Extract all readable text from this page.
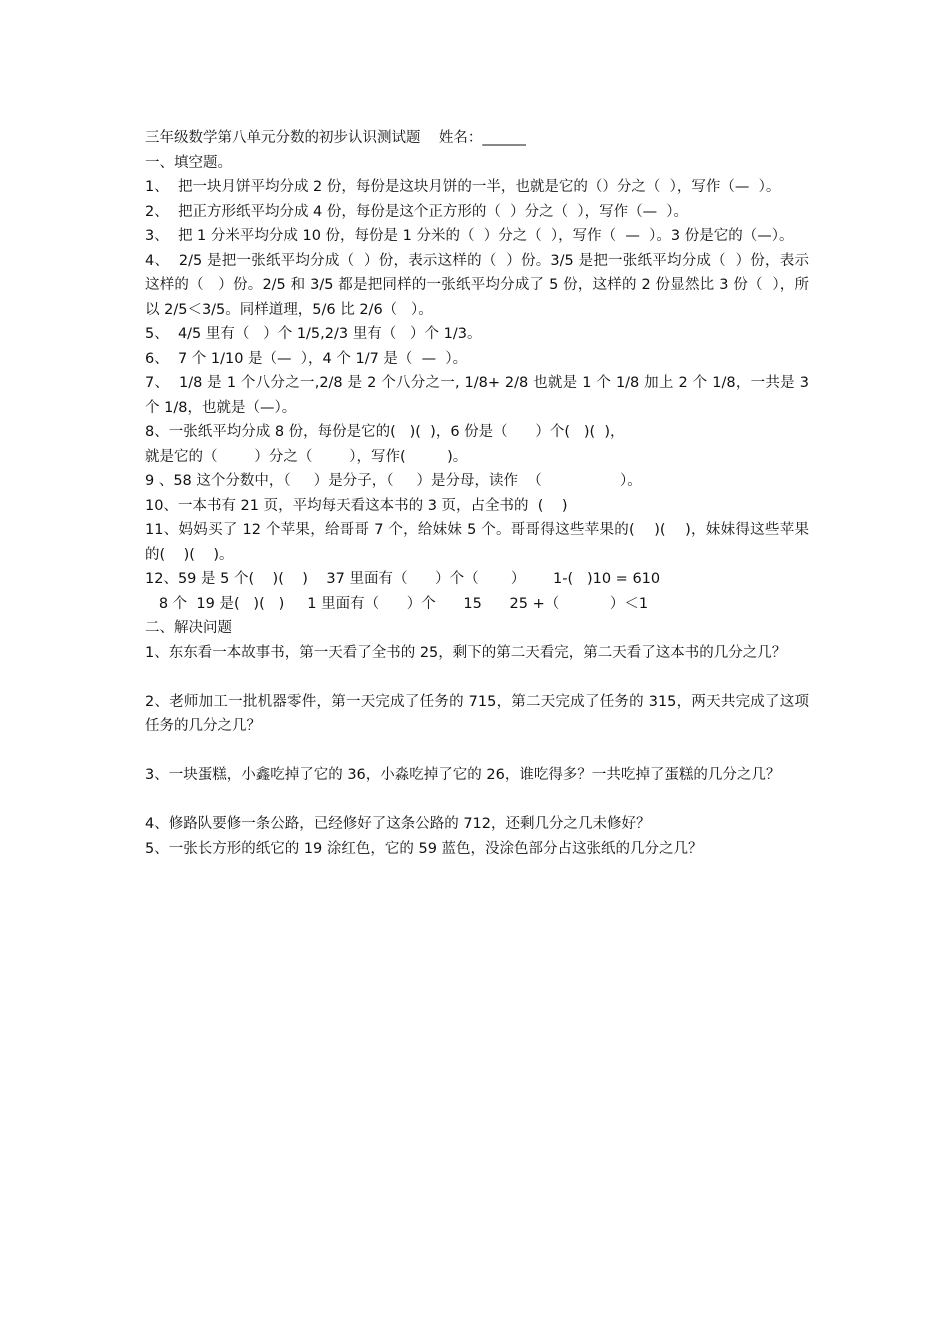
三年级数学第八单元分数的初步认识测试题    姓名：______

一、填空题。

1、  把一块月饼平均分成 2 份，每份是这块月饼的一半，也就是它的（）分之（  ），写作（—  ）。

2、  把正方形纸平均分成 4 份，每份是这个正方形的（  ）分之（  ），写作（—  ）。

3、  把 1 分米平均分成 10 份，每份是 1 分米的（  ）分之（  ），写作（  —  ）。3 份是它的（—）。

4、  2/5 是把一张纸平均分成（  ）份，表示这样的（  ）份。3/5 是把一张纸平均分成（  ）份，表示这样的（   ）份。2/5 和 3/5 都是把同样的一张纸平均分成了 5 份，这样的 2 份显然比 3 份（  ），所以 2/5＜3/5。同样道理，5/6 比 2/6（   ）。

5、  4/5 里有（   ）个 1/5,2/3 里有（   ）个 1/3。

6、  7 个 1/10 是（—  ），4 个 1/7 是（  —  ）。

7、  1/8 是 1 个八分之一,2/8 是 2 个八分之一, 1/8+ 2/8 也就是 1 个 1/8 加上 2 个 1/8，一共是 3 个 1/8，也就是（—）。

8、一张纸平均分成 8 份，每份是它的(   )(  )，6 份是（      ）个(   )(  )，

就是它的（        ）分之（        ），写作(         )。

9 、58 这个分数中，（     ）是分子，（     ）是分母，读作  （                 ）。

10、一本书有 21 页，平均每天看这本书的 3 页，占全书的  (    )

11、妈妈买了 12 个苹果，给哥哥 7 个，给妹妹 5 个。哥哥得这些苹果的(    )(    )，妹妹得这些苹果的(    )(    )。

12、59 是 5 个(    )(    )    37 里面有（      ）个（       ）      1-(   )10 = 610

8 个  19 是(   )(   )     1 里面有（      ）个      15      25 +（           ）＜1

二、解决问题

1、东东看一本故事书，第一天看了全书的 25，剩下的第二天看完，第二天看了这本书的几分之几？

2、老师加工一批机器零件，第一天完成了任务的 715，第二天完成了任务的 315，两天共完成了这项任务的几分之几？

3、一块蛋糕，小鑫吃掉了它的 36，小淼吃掉了它的 26，谁吃得多？一共吃掉了蛋糕的几分之几？

4、修路队要修一条公路，已经修好了这条公路的 712，还剩几分之几未修好？

5、一张长方形的纸它的 19 涂红色，它的 59 蓝色，没涂色部分占这张纸的几分之几？
